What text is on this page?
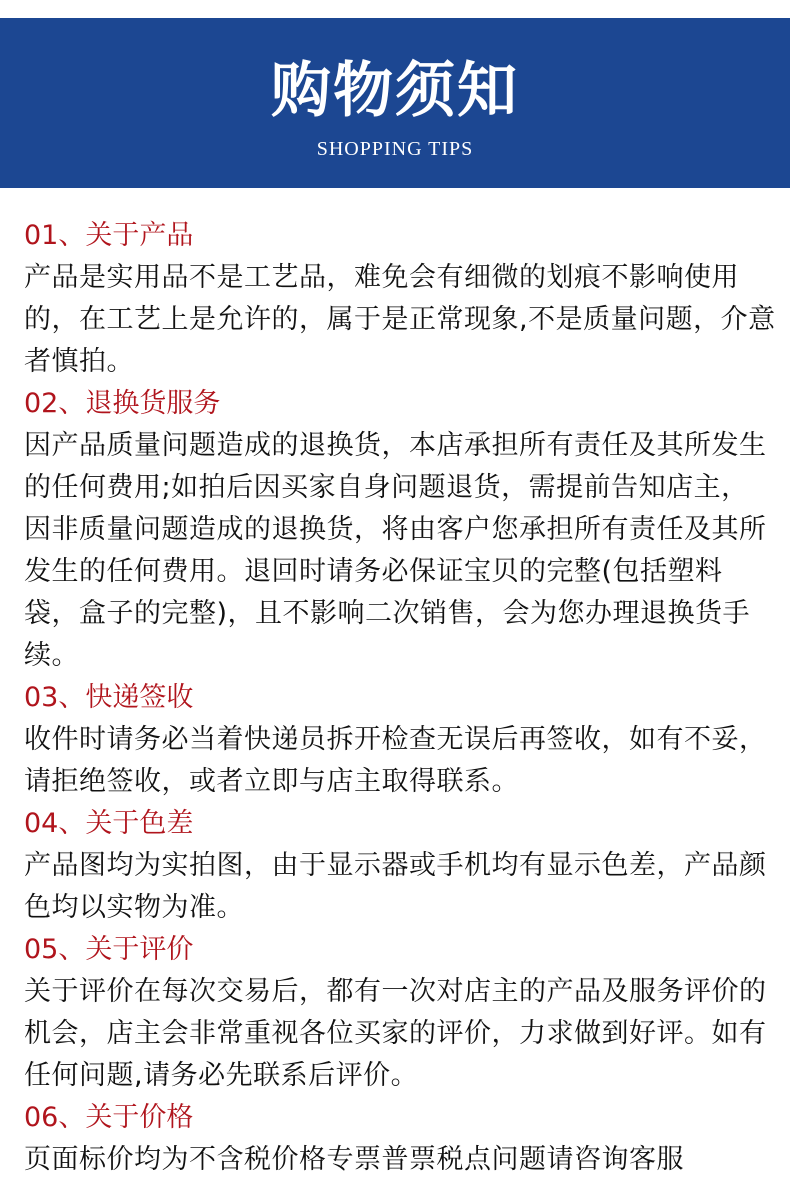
购物须知
SHOPPING TIPS
01、关于产品
产品是实用品不是工艺品，难免会有细微的划痕不影响使用的，在工艺上是允许的，属于是正常现象,不是质量问题，介意者慎拍。
02、退换货服务
因产品质量问题造成的退换货，本店承担所有责任及其所发生的任何费用;如拍后因买家自身问题退货，需提前告知店主，因非质量问题造成的退换货，将由客户您承担所有责任及其所发生的任何费用。退回时请务必保证宝贝的完整(包括塑料袋，盒子的完整)，且不影响二次销售，会为您办理退换货手续。
03、快递签收
收件时请务必当着快递员拆开检查无误后再签收，如有不妥，请拒绝签收，或者立即与店主取得联系。
04、关于色差
产品图均为实拍图，由于显示器或手机均有显示色差，产品颜色均以实物为准。
05、关于评价
关于评价在每次交易后，都有一次对店主的产品及服务评价的机会，店主会非常重视各位买家的评价，力求做到好评。如有任何问题,请务必先联系后评价。
06、关于价格
页面标价均为不含税价格专票普票税点问题请咨询客服
